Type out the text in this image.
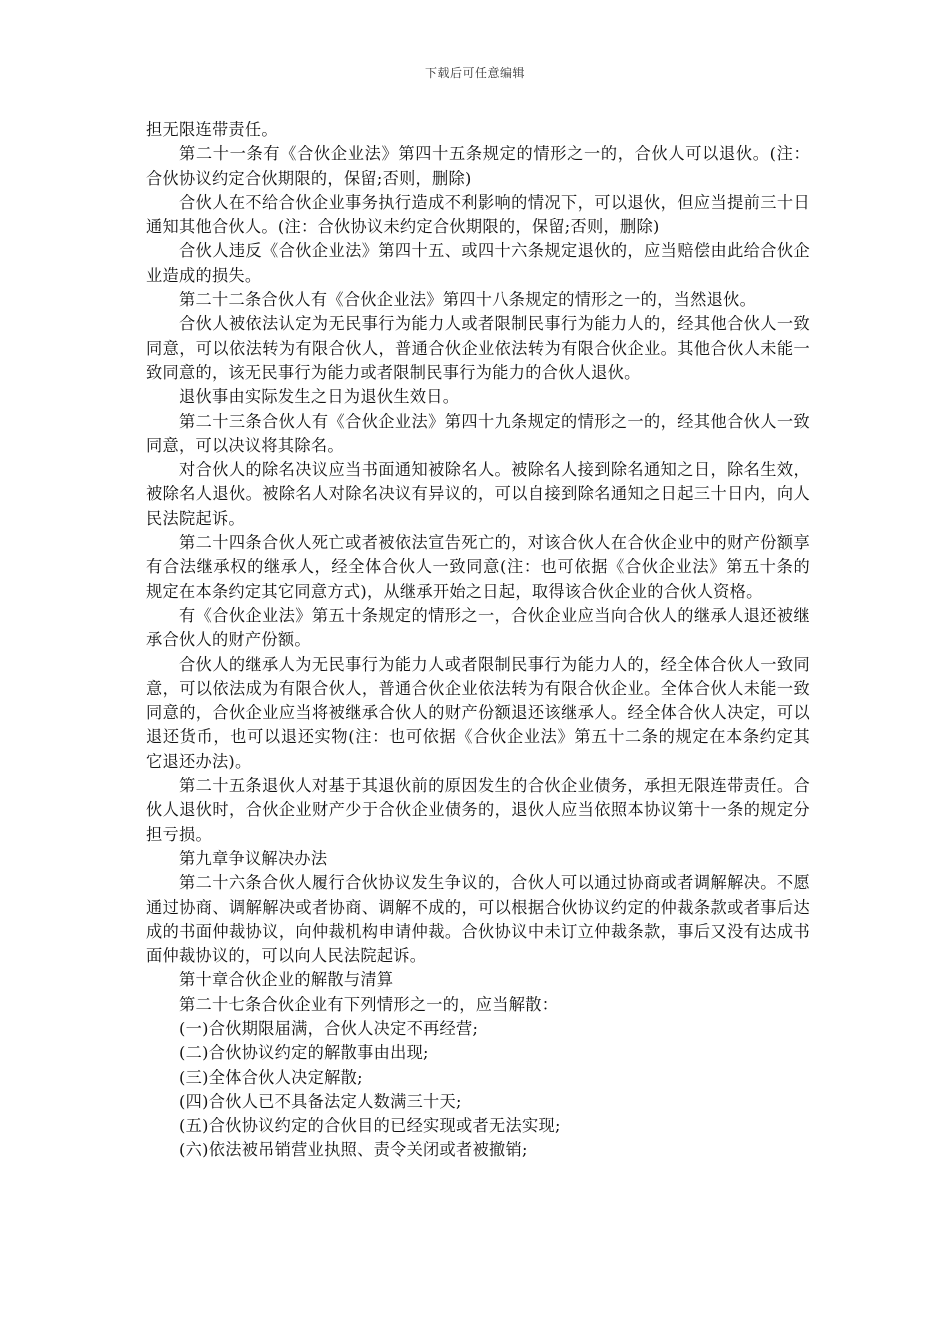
下载后可任意编辑

担无限连带责任。

第二十一条有《合伙企业法》第四十五条规定的情形之一的，合伙人可以退伙。(注：合伙协议约定合伙期限的，保留;否则，删除)

合伙人在不给合伙企业事务执行造成不利影响的情况下，可以退伙，但应当提前三十日通知其他合伙人。(注：合伙协议未约定合伙期限的，保留;否则，删除)

合伙人违反《合伙企业法》第四十五、或四十六条规定退伙的，应当赔偿由此给合伙企业造成的损失。

第二十二条合伙人有《合伙企业法》第四十八条规定的情形之一的，当然退伙。

合伙人被依法认定为无民事行为能力人或者限制民事行为能力人的，经其他合伙人一致同意，可以依法转为有限合伙人，普通合伙企业依法转为有限合伙企业。其他合伙人未能一致同意的，该无民事行为能力或者限制民事行为能力的合伙人退伙。

退伙事由实际发生之日为退伙生效日。

第二十三条合伙人有《合伙企业法》第四十九条规定的情形之一的，经其他合伙人一致同意，可以决议将其除名。

对合伙人的除名决议应当书面通知被除名人。被除名人接到除名通知之日，除名生效，被除名人退伙。被除名人对除名决议有异议的，可以自接到除名通知之日起三十日内，向人民法院起诉。

第二十四条合伙人死亡或者被依法宣告死亡的，对该合伙人在合伙企业中的财产份额享有合法继承权的继承人，经全体合伙人一致同意(注：也可依据《合伙企业法》第五十条的规定在本条约定其它同意方式)，从继承开始之日起，取得该合伙企业的合伙人资格。

有《合伙企业法》第五十条规定的情形之一，合伙企业应当向合伙人的继承人退还被继承合伙人的财产份额。

合伙人的继承人为无民事行为能力人或者限制民事行为能力人的，经全体合伙人一致同意，可以依法成为有限合伙人，普通合伙企业依法转为有限合伙企业。全体合伙人未能一致同意的，合伙企业应当将被继承合伙人的财产份额退还该继承人。经全体合伙人决定，可以退还货币，也可以退还实物(注：也可依据《合伙企业法》第五十二条的规定在本条约定其它退还办法)。

第二十五条退伙人对基于其退伙前的原因发生的合伙企业债务，承担无限连带责任。合伙人退伙时，合伙企业财产少于合伙企业债务的，退伙人应当依照本协议第十一条的规定分担亏损。

第九章争议解决办法

第二十六条合伙人履行合伙协议发生争议的，合伙人可以通过协商或者调解解决。不愿通过协商、调解解决或者协商、调解不成的，可以根据合伙协议约定的仲裁条款或者事后达成的书面仲裁协议，向仲裁机构申请仲裁。合伙协议中未订立仲裁条款，事后又没有达成书面仲裁协议的，可以向人民法院起诉。

第十章合伙企业的解散与清算

第二十七条合伙企业有下列情形之一的，应当解散：

(一)合伙期限届满，合伙人决定不再经营;

(二)合伙协议约定的解散事由出现;

(三)全体合伙人决定解散;

(四)合伙人已不具备法定人数满三十天;

(五)合伙协议约定的合伙目的已经实现或者无法实现;

(六)依法被吊销营业执照、责令关闭或者被撤销;
